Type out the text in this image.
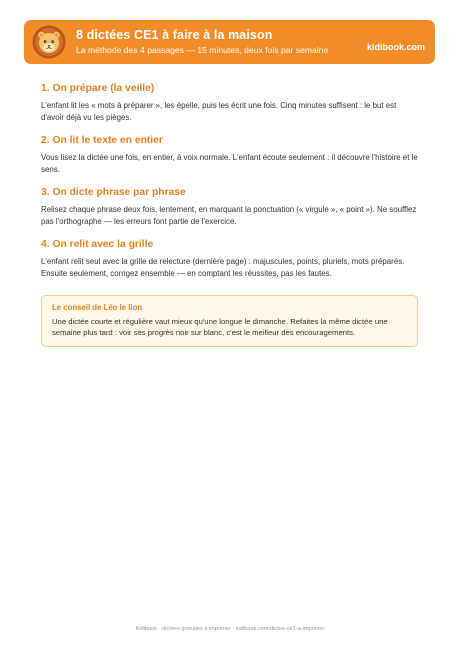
8 dictées CE1 à faire à la maison
La méthode des 4 passages — 15 minutes, deux fois par semaine	kidibook.com
1. On prépare (la veille)

L'enfant lit les « mots à préparer », les épelle, puis les écrit une fois. Cinq minutes suffisent : le but est d'avoir déjà vu les pièges.

2. On lit le texte en entier

Vous lisez la dictée une fois, en entier, à voix normale. L'enfant écoute seulement : il découvre l'histoire et le sens.

3. On dicte phrase par phrase

Relisez chaque phrase deux fois, lentement, en marquant la ponctuation (« virgule », « point »). Ne soufflez pas l'orthographe — les erreurs font partie de l'exercice.

4. On relit avec la grille

L'enfant relit seul avec la grille de relecture (dernière page) : majuscules, points, pluriels, mots préparés. Ensuite seulement, corrigez ensemble — en comptant les réussites, pas les fautes.

Le conseil de Léo le lion
Une dictée courte et régulière vaut mieux qu'une longue le dimanche. Refaites la même dictée une semaine plus tard : voir ses progrès noir sur blanc, c'est le meilleur des encouragements.
Kidibook · dictées gratuites à imprimer · kidibook.com/dictee-ce1-a-imprimer
